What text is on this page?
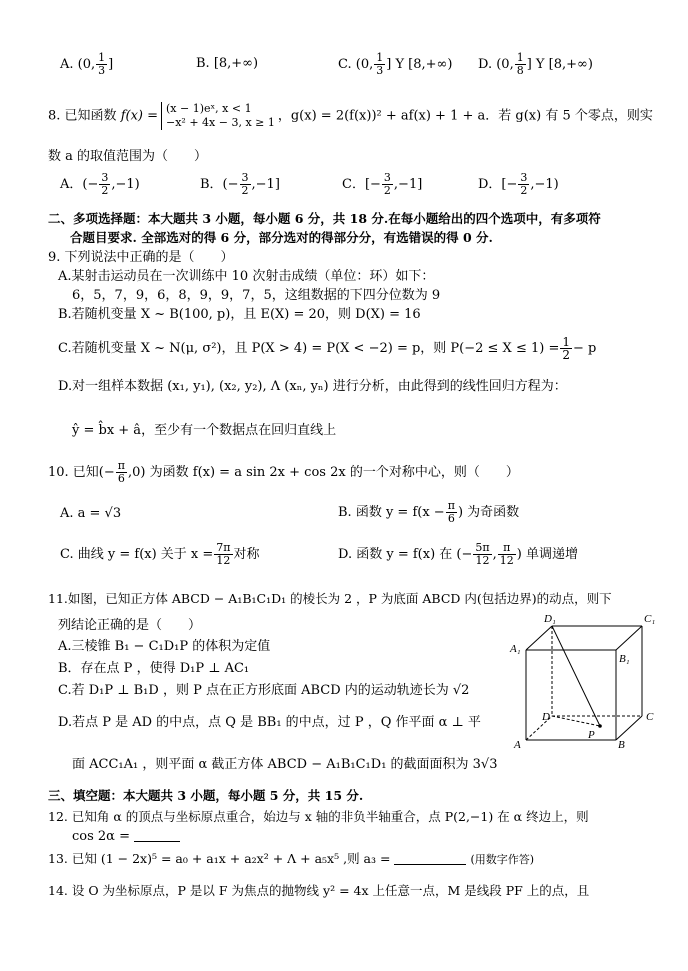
A. (0, $\frac{1}{3}$ ]	B. [8,+∞)	C. (0, $\frac{1}{3}$ ] Y [8,+∞) D. (0, $\frac{1}{8}$ ] Y [8,+∞)
8. 已知函数 f(x) = (x − 1)eˣ, x < 1
−x² + 4x − 3, x ≥ 1 ，g(x) = 2(f(x))² + af(x) + 1 + a．若 g(x) 有 5 个零点，则实
数 a 的取值范围为（　　）
A．(− $\frac{3}{2} ,-1$)	B．(− $\frac{3}{2} ,-1$]	C．[− $\frac{3}{2} ,-1$]	D．[− $\frac{3}{2} ,-1$)
二、多项选择题：本大题共 3 小题，每小题 6 分，共 18 分.在每小题给出的四个选项中，有多项符
合题目要求. 全部选对的得 6 分，部分选对的得部分分，有选错误的得 0 分.
9. 下列说法中正确的是（　　）
A.某射击运动员在一次训练中 10 次射击成绩（单位：环）如下：
6，5，7，9，6，8，9，9，7，5，这组数据的下四分位数为 9
B.若随机变量 X ~ B(100, p)，且 E(X) = 20，则 D(X) = 16
C.若随机变量 X ~ N(μ, σ²)，且 P(X > 4) = P(X < −2) = p，则 $P(-2 \le X \le 1) = \frac{1}{2} - p$
D.对一组样本数据 (x₁, y₁), (x₂, y₂), Λ (xₙ, yₙ) 进行分析，由此得到的线性回归方程为：
ŷ = b̂x + â，至少有一个数据点在回归直线上
10. 已知(− $\frac{\pi}{6} ,0$) 为函数 f(x) = a sin 2x + cos 2x 的一个对称中心，则（　　）
A. a = √3	B. 函数 $y = f(x - \frac{\pi}{6}$ ) 为奇函数
C. 曲线 y = f(x) 关于 $x = \frac{7\pi}{12}$ 对称	D. 函数 y = f(x) 在 (− $\frac{5\pi}{12}$ , $\frac{\pi}{12}$ ) 单调递增
11.如图，已知正方体 ABCD − A₁B₁C₁D₁ 的棱长为 2 ，P 为底面 ABCD 内(包括边界)的动点，则下
列结论正确的是（　　）
A.三棱锥 B₁ − C₁D₁P 的体积为定值
B．存在点 P ，使得 D₁P ⊥ AC₁
C.若 D₁P ⊥ B₁D ，则 P 点在正方形底面 ABCD 内的运动轨迹长为 √2
D.若点 P 是 AD 的中点，点 Q 是 BB₁ 的中点，过 P ，Q 作平面 α ⊥ 平
面 ACC₁A₁ ，则平面 α 截正方体 ABCD − A₁B₁C₁D₁ 的截面面积为 3√3
D₁	C₁
A₁
B₁
D	C
A	B
P
三、填空题：本大题共 3 小题，每小题 5 分，共 15 分.
12. 已知角 α 的顶点与坐标原点重合，始边与 x 轴的非负半轴重合，点 P(2,−1) 在 α 终边上，则
cos 2α =
13. 已知 (1 − 2x)⁵ = a₀ + a₁x + a₂x² + Λ + a₅x⁵ ,则 a₃ =	(用数字作答)
14. 设 O 为坐标原点，P 是以 F 为焦点的抛物线 y² = 4x 上任意一点，M 是线段 PF 上的点，且
